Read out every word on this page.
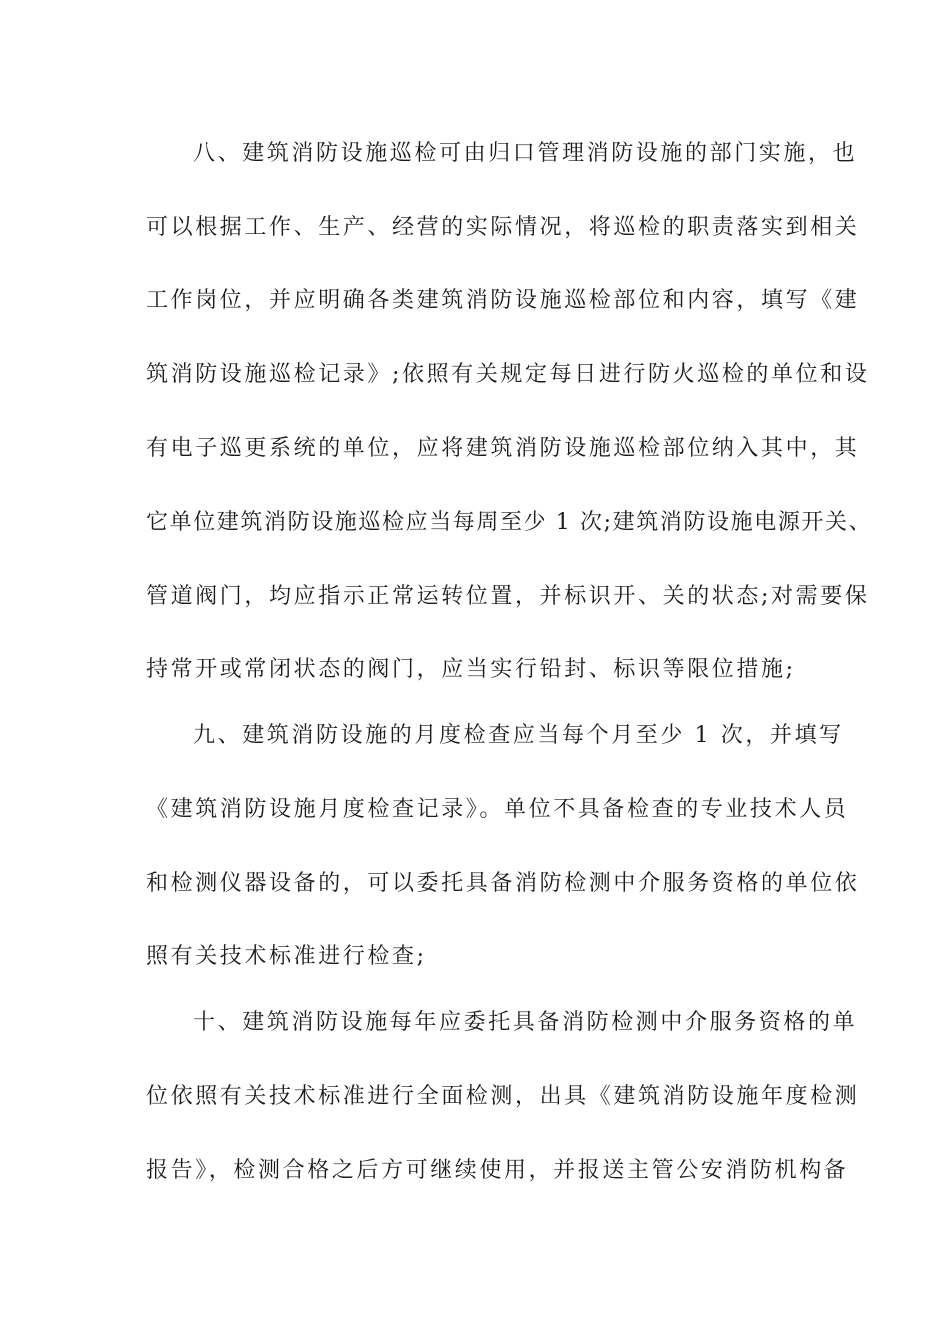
八、建筑消防设施巡检可由归口管理消防设施的部门实施，也
可以根据工作、生产、经营的实际情况，将巡检的职责落实到相关
工作岗位，并应明确各类建筑消防设施巡检部位和内容，填写《建
筑消防设施巡检记录》;依照有关规定每日进行防火巡检的单位和设
有电子巡更系统的单位，应将建筑消防设施巡检部位纳入其中，其
它单位建筑消防设施巡检应当每周至少 1 次;建筑消防设施电源开关、
管道阀门，均应指示正常运转位置，并标识开、关的状态;对需要保
持常开或常闭状态的阀门，应当实行铅封、标识等限位措施;
九、建筑消防设施的月度检查应当每个月至少 1 次，并填写
《建筑消防设施月度检查记录》。单位不具备检查的专业技术人员
和检测仪器设备的，可以委托具备消防检测中介服务资格的单位依
照有关技术标准进行检查;
十、建筑消防设施每年应委托具备消防检测中介服务资格的单
位依照有关技术标准进行全面检测，出具《建筑消防设施年度检测
报告》，检测合格之后方可继续使用，并报送主管公安消防机构备
